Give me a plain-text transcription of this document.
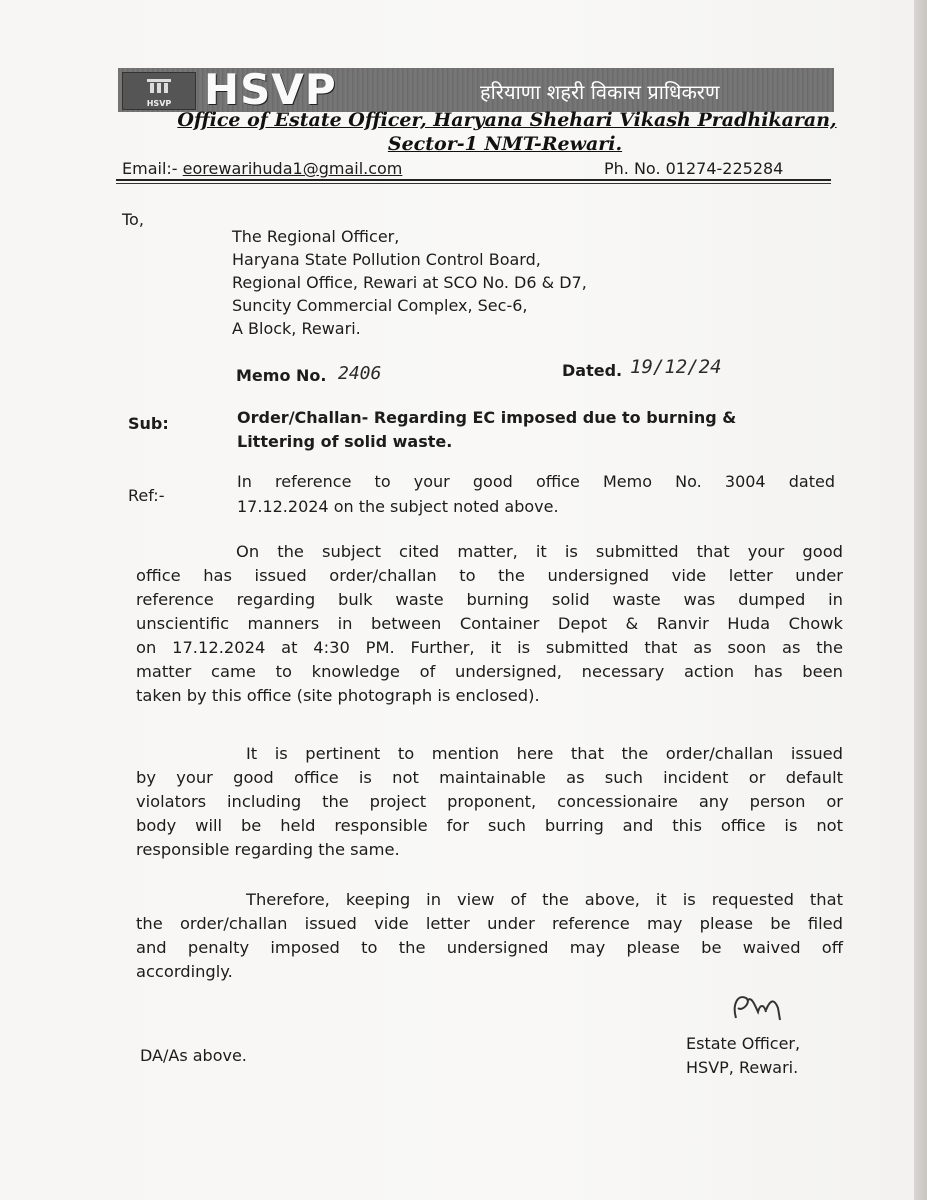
HSVP HSVP	हरियाणा शहरी विकास प्राधिकरण
Office of Estate Officer, Haryana Shehari Vikash Pradhikaran,
Sector-1 NMT-Rewari.
Email:- eorewarihuda1@gmail.com	Ph. No. 01274-225284
To,
The Regional Officer,
Haryana State Pollution Control Board,
Regional Office, Rewari at SCO No. D6 & D7,
Suncity Commercial Complex, Sec-6,
A Block, Rewari.
Memo No. 2406	Dated. 19/12/24
Sub:	Order/Challan- Regarding EC imposed due to burning &
Littering of solid waste.
Ref:-
In reference to your good office Memo No. 3004 dated
17.12.2024 on the subject noted above.
On the subject cited matter, it is submitted that your good
office has issued order/challan to the undersigned vide letter under
reference regarding bulk waste burning solid waste was dumped in
unscientific manners in between Container Depot & Ranvir Huda Chowk
on 17.12.2024 at 4:30 PM. Further, it is submitted that as soon as the
matter came to knowledge of undersigned, necessary action has been
taken by this office (site photograph is enclosed).
It is pertinent to mention here that the order/challan issued
by your good office is not maintainable as such incident or default
violators including the project proponent, concessionaire any person or
body will be held responsible for such burring and this office is not
responsible regarding the same.
Therefore, keeping in view of the above, it is requested that
the order/challan issued vide letter under reference may please be filed
and penalty imposed to the undersigned may please be waived off
accordingly.
Estate Officer,
HSVP, Rewari.
DA/As above.
